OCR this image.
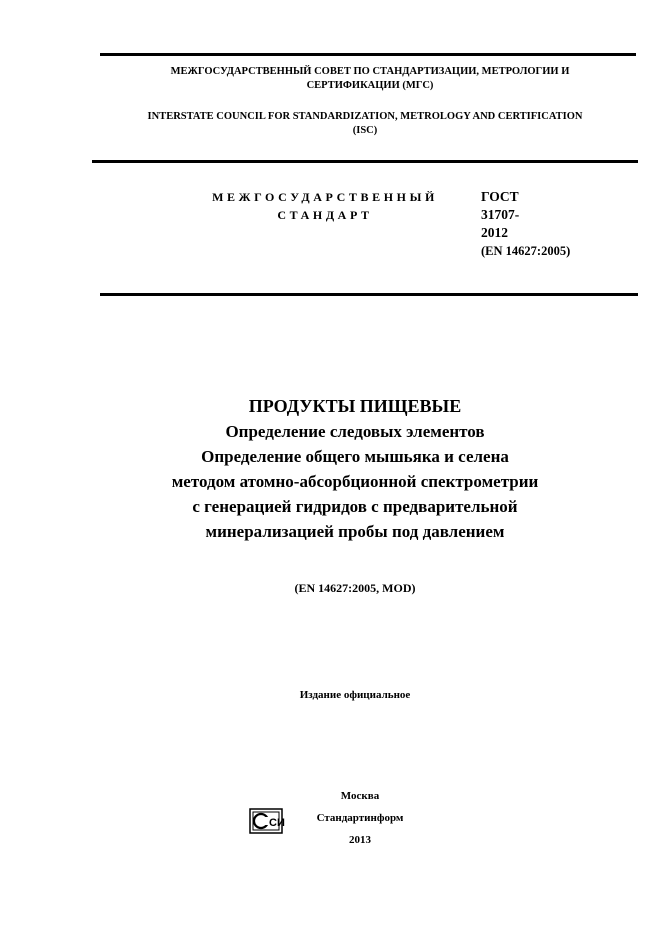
МЕЖГОСУДАРСТВЕННЫЙ СОВЕТ ПО СТАНДАРТИЗАЦИИ, МЕТРОЛОГИИ И
СЕРТИФИКАЦИИ (МГС)
INTERSTATE COUNCIL FOR STANDARDIZATION, METROLOGY AND CERTIFICATION
(ISC)
МЕЖГОСУДАРСТВЕННЫЙ
СТАНДАРТ
ГОСТ
31707-
2012
(EN 14627:2005)
ПРОДУКТЫ ПИЩЕВЫЕ
Определение следовых элементов
Определение общего мышьяка и селена
методом атомно-абсорбционной спектрометрии
с генерацией гидридов с предварительной
минерализацией пробы под давлением
(EN 14627:2005, MOD)
Издание официальное
СИ
Москва
Стандартинформ
2013
